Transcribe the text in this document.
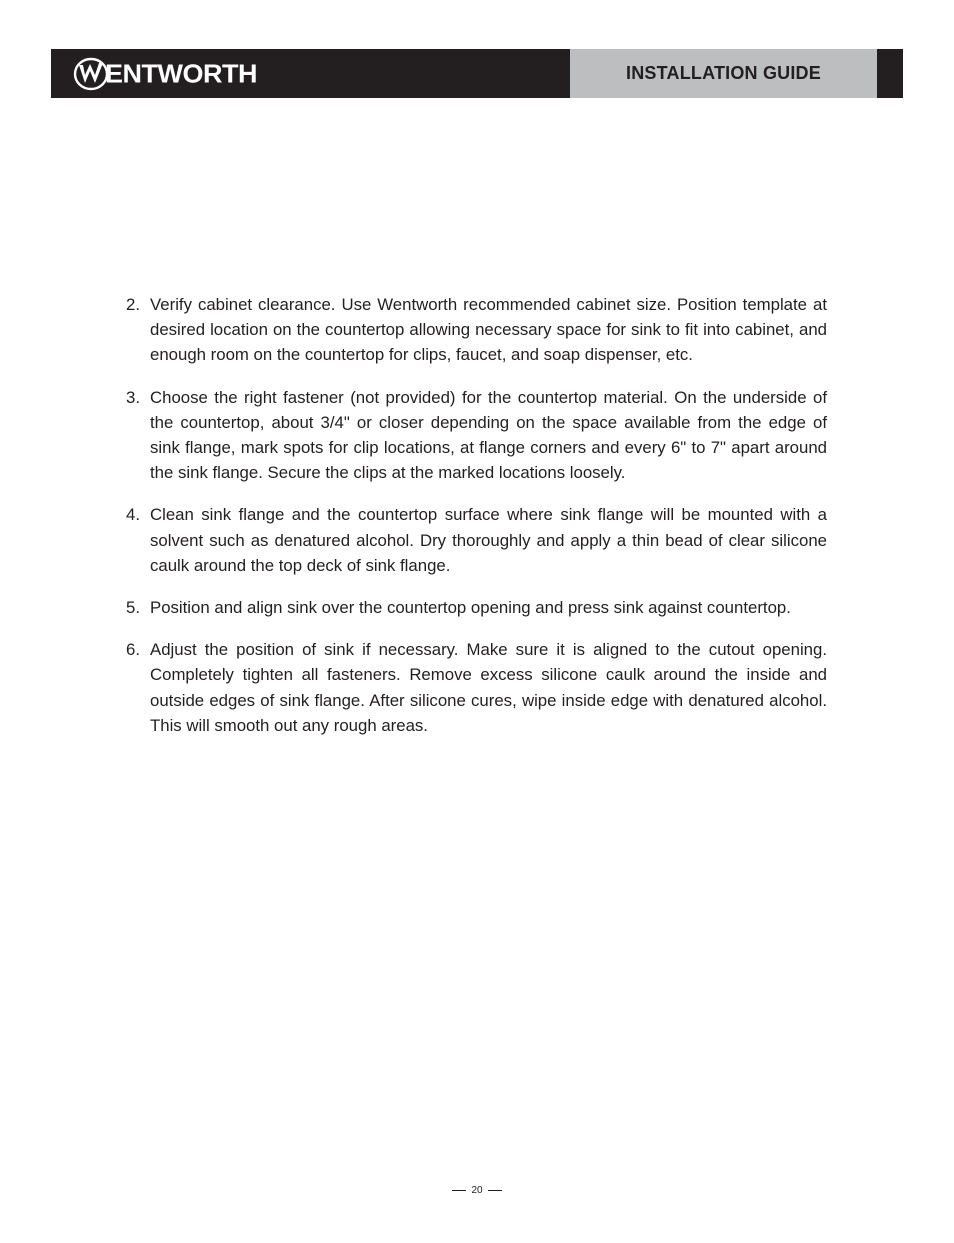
ENTWORTH	INSTALLATION GUIDE
2. Verify cabinet clearance. Use Wentworth recommended cabinet size. Position template at desired location on the countertop allowing necessary space for sink to fit into cabinet, and enough room on the countertop for clips, faucet, and soap dispenser, etc.
3. Choose the right fastener (not provided) for the countertop material. On the underside of the countertop, about 3/4" or closer depending on the space available from the edge of sink flange, mark spots for clip locations, at flange corners and every 6" to 7" apart around the sink flange. Secure the clips at the marked locations loosely.
4. Clean sink flange and the countertop surface where sink flange will be mounted with a solvent such as denatured alcohol. Dry thoroughly and apply a thin bead of clear silicone caulk around the top deck of sink flange.
5. Position and align sink over the countertop opening and press sink against countertop.
6. Adjust the position of sink if necessary. Make sure it is aligned to the cutout opening. Completely tighten all fasteners. Remove excess silicone caulk around the inside and outside edges of sink flange. After silicone cures, wipe inside edge with denatured alcohol. This will smooth out any rough areas.
20
